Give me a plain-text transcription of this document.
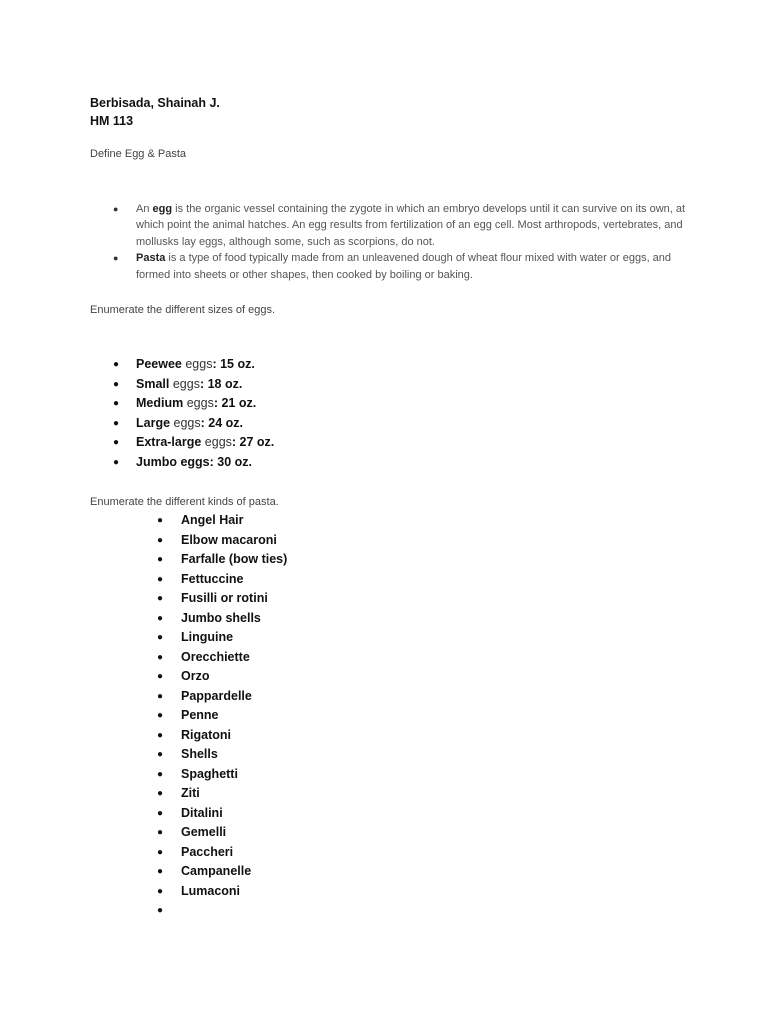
Berbisada, Shainah J.
HM 113
Define Egg & Pasta
● An egg is the organic vessel containing the zygote in which an embryo develops until it can survive on its own, at which point the animal hatches. An egg results from fertilization of an egg cell. Most arthropods, vertebrates, and mollusks lay eggs, although some, such as scorpions, do not.
● Pasta is a type of food typically made from an unleavened dough of wheat flour mixed with water or eggs, and formed into sheets or other shapes, then cooked by boiling or baking.
Enumerate the different sizes of eggs.
● Peewee eggs: 15 oz.
● Small eggs: 18 oz.
● Medium eggs: 21 oz.
● Large eggs: 24 oz.
● Extra-large eggs: 27 oz.
● Jumbo eggs: 30 oz.
Enumerate the different kinds of pasta.
● Angel Hair
● Elbow macaroni
● Farfalle (bow ties)
● Fettuccine
● Fusilli or rotini
● Jumbo shells
● Linguine
● Orecchiette
● Orzo
● Pappardelle
● Penne
● Rigatoni
● Shells
● Spaghetti
● Ziti
● Ditalini
● Gemelli
● Paccheri
● Campanelle
● Lumaconi
●
